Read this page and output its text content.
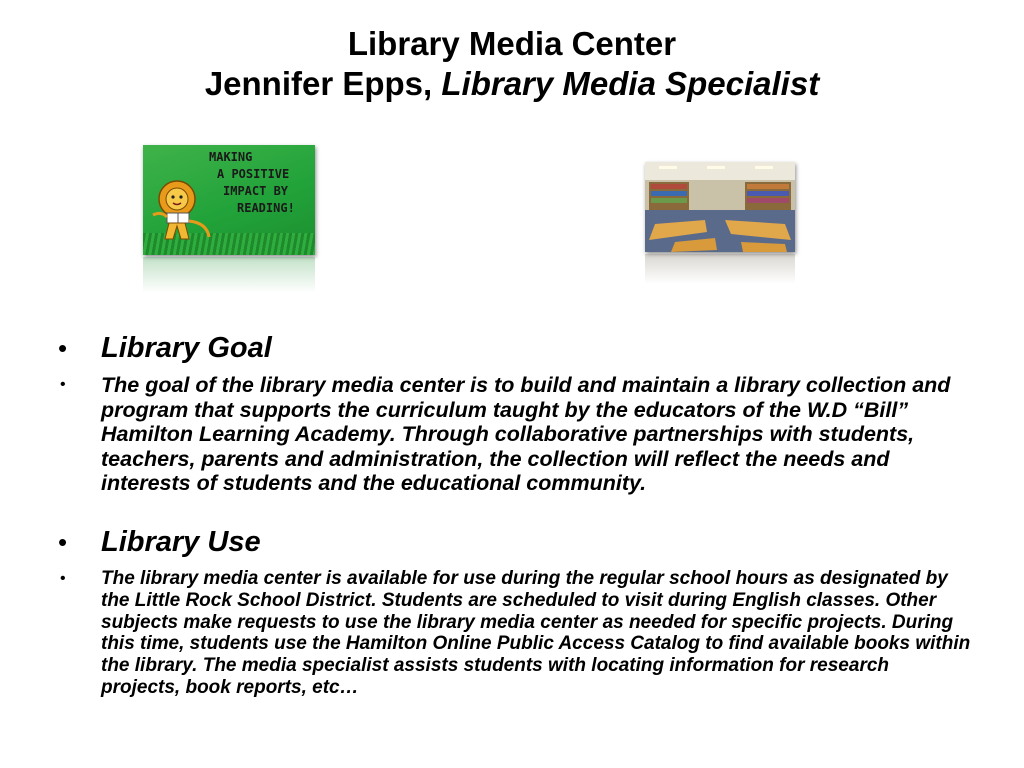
Library Media Center
Jennifer Epps, Library Media Specialist
MAKING
A POSITIVE
IMPACT BY
READING!
• Library Goal
• The goal of the library media center is to build and maintain a library collection and program that supports the curriculum taught by the educators of the W.D “Bill” Hamilton Learning Academy. Through collaborative partnerships with students, teachers, parents and administration, the collection will reflect the needs and interests of students and the educational community.
• Library Use
• The library media center is available for use during the regular school hours as designated by the Little Rock School District. Students are scheduled to visit during English classes. Other subjects make requests to use the library media center as needed for specific projects. During this time, students use the Hamilton Online Public Access Catalog to find available books within the library. The media specialist assists students with locating information for research projects, book reports, etc…
